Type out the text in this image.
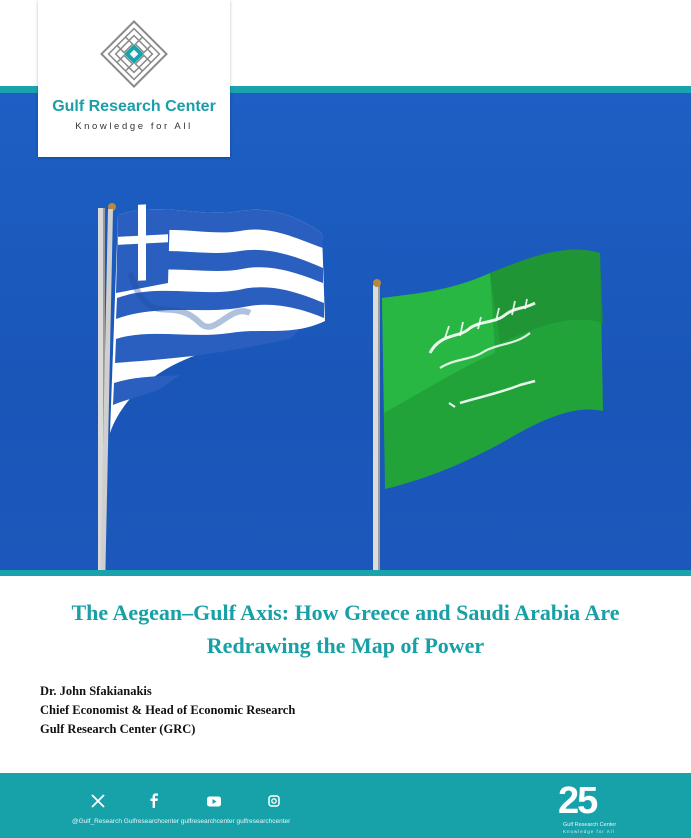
Gulf Research Center
Knowledge for All
The Aegean–Gulf Axis: How Greece and Saudi Arabia Are
Redrawing the Map of Power
Dr. John Sfakianakis
Chief Economist & Head of Economic Research
Gulf Research Center (GRC)
@Gulf_Research Gulfresearchcenter gulfresearchcenter gulfresearchcenter	25
Gulf Research Center
Knowledge for All
